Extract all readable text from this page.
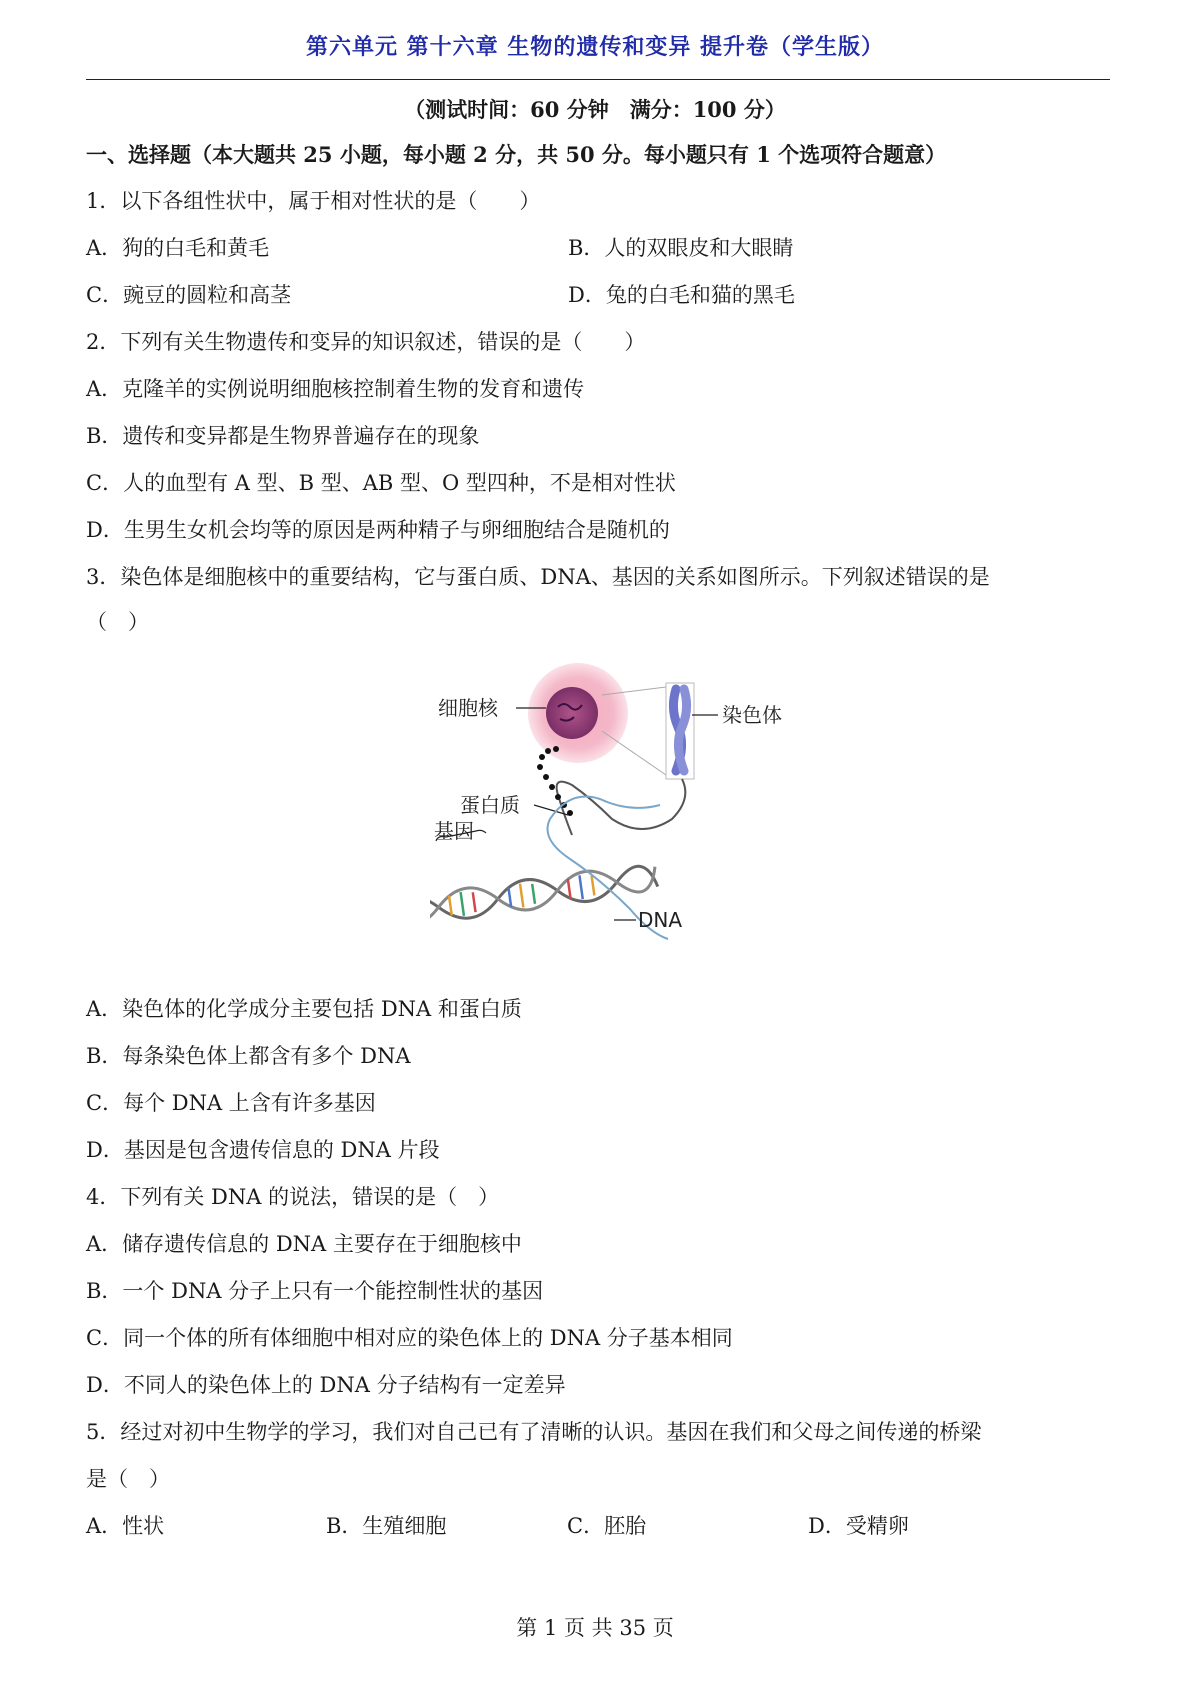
第六单元 第十六章 生物的遗传和变异 提升卷（学生版）
（测试时间：60 分钟　满分：100 分）
一、选择题（本大题共 25 小题，每小题 2 分，共 50 分。每小题只有 1 个选项符合题意）
1．以下各组性状中，属于相对性状的是（　　）
A．狗的白毛和黄毛	B．人的双眼皮和大眼睛
C．豌豆的圆粒和高茎	D．兔的白毛和猫的黑毛
2．下列有关生物遗传和变异的知识叙述，错误的是（　　）
A．克隆羊的实例说明细胞核控制着生物的发育和遗传
B．遗传和变异都是生物界普遍存在的现象
C．人的血型有 A 型、B 型、AB 型、O 型四种，不是相对性状
D．生男生女机会均等的原因是两种精子与卵细胞结合是随机的
3．染色体是细胞核中的重要结构，它与蛋白质、DNA、基因的关系如图所示。下列叙述错误的是
（　）
细胞核	染色体
蛋白质
基因
DNA
A．染色体的化学成分主要包括 DNA 和蛋白质
B．每条染色体上都含有多个 DNA
C．每个 DNA 上含有许多基因
D．基因是包含遗传信息的 DNA 片段
4．下列有关 DNA 的说法，错误的是（　）
A．储存遗传信息的 DNA 主要存在于细胞核中
B．一个 DNA 分子上只有一个能控制性状的基因
C．同一个体的所有体细胞中相对应的染色体上的 DNA 分子基本相同
D．不同人的染色体上的 DNA 分子结构有一定差异
5．经过对初中生物学的学习，我们对自己已有了清晰的认识。基因在我们和父母之间传递的桥梁
是（　）
A．性状	B．生殖细胞	C．胚胎	D．受精卵
第 1 页 共 35 页
